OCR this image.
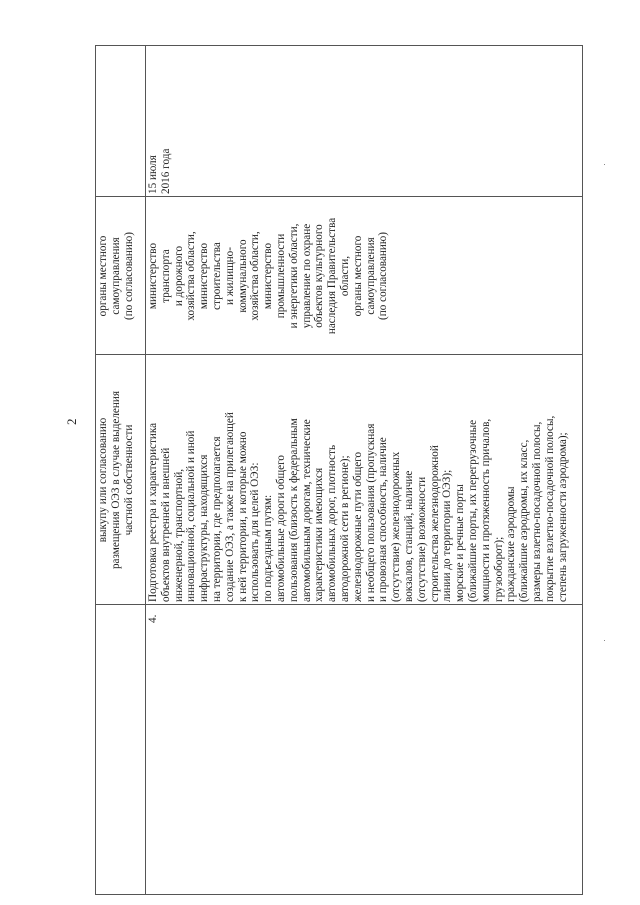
2 выкупу или согласованию размещения ОЭЗ в случае выделения частной собственности
органы местного самоуправления (по согласованию)
Подготовка реестра и характеристика объектов внутренней и внешней инженерной, транспортной, инновационной, социальной и иной инфраструктуры, находящихся на территории, где предполагается создание ОЭЗ, а также на прилегающей к ней территории, и которые можно использовать для целей ОЭЗ: по подъездным путям: автомобильные дороги общего пользования (близость к федеральным автомобильным дорогам, технические характеристики имеющихся автомобильных дорог, плотность автодорожной сети в регионе); железнодорожные пути общего и необщего пользования (пропускная и провозная способность, наличие (отсутствие) железнодорожных вокзалов, станций, наличие (отсутствие) возможности строительства железнодорожной линии до территории ОЭЗ); морские и речные порты (ближайшие порты, их перегрузочные мощности и протяженность причалов, грузооборот); гражданские аэродромы (ближайшие аэродромы, их класс, размеры взлетно-посадочной полосы, покрытие взлетно-посадочной полосы, степень загруженности аэродрома);
министерство транспорта и дорожного хозяйства области, министерство строительства и жилищно- коммунального хозяйства области, министерство промышленности и энергетики области, управление по охране объектов культурного наследия Правительства области, органы местного самоуправления (по согласованию)
15 июля 2016 года
4.
